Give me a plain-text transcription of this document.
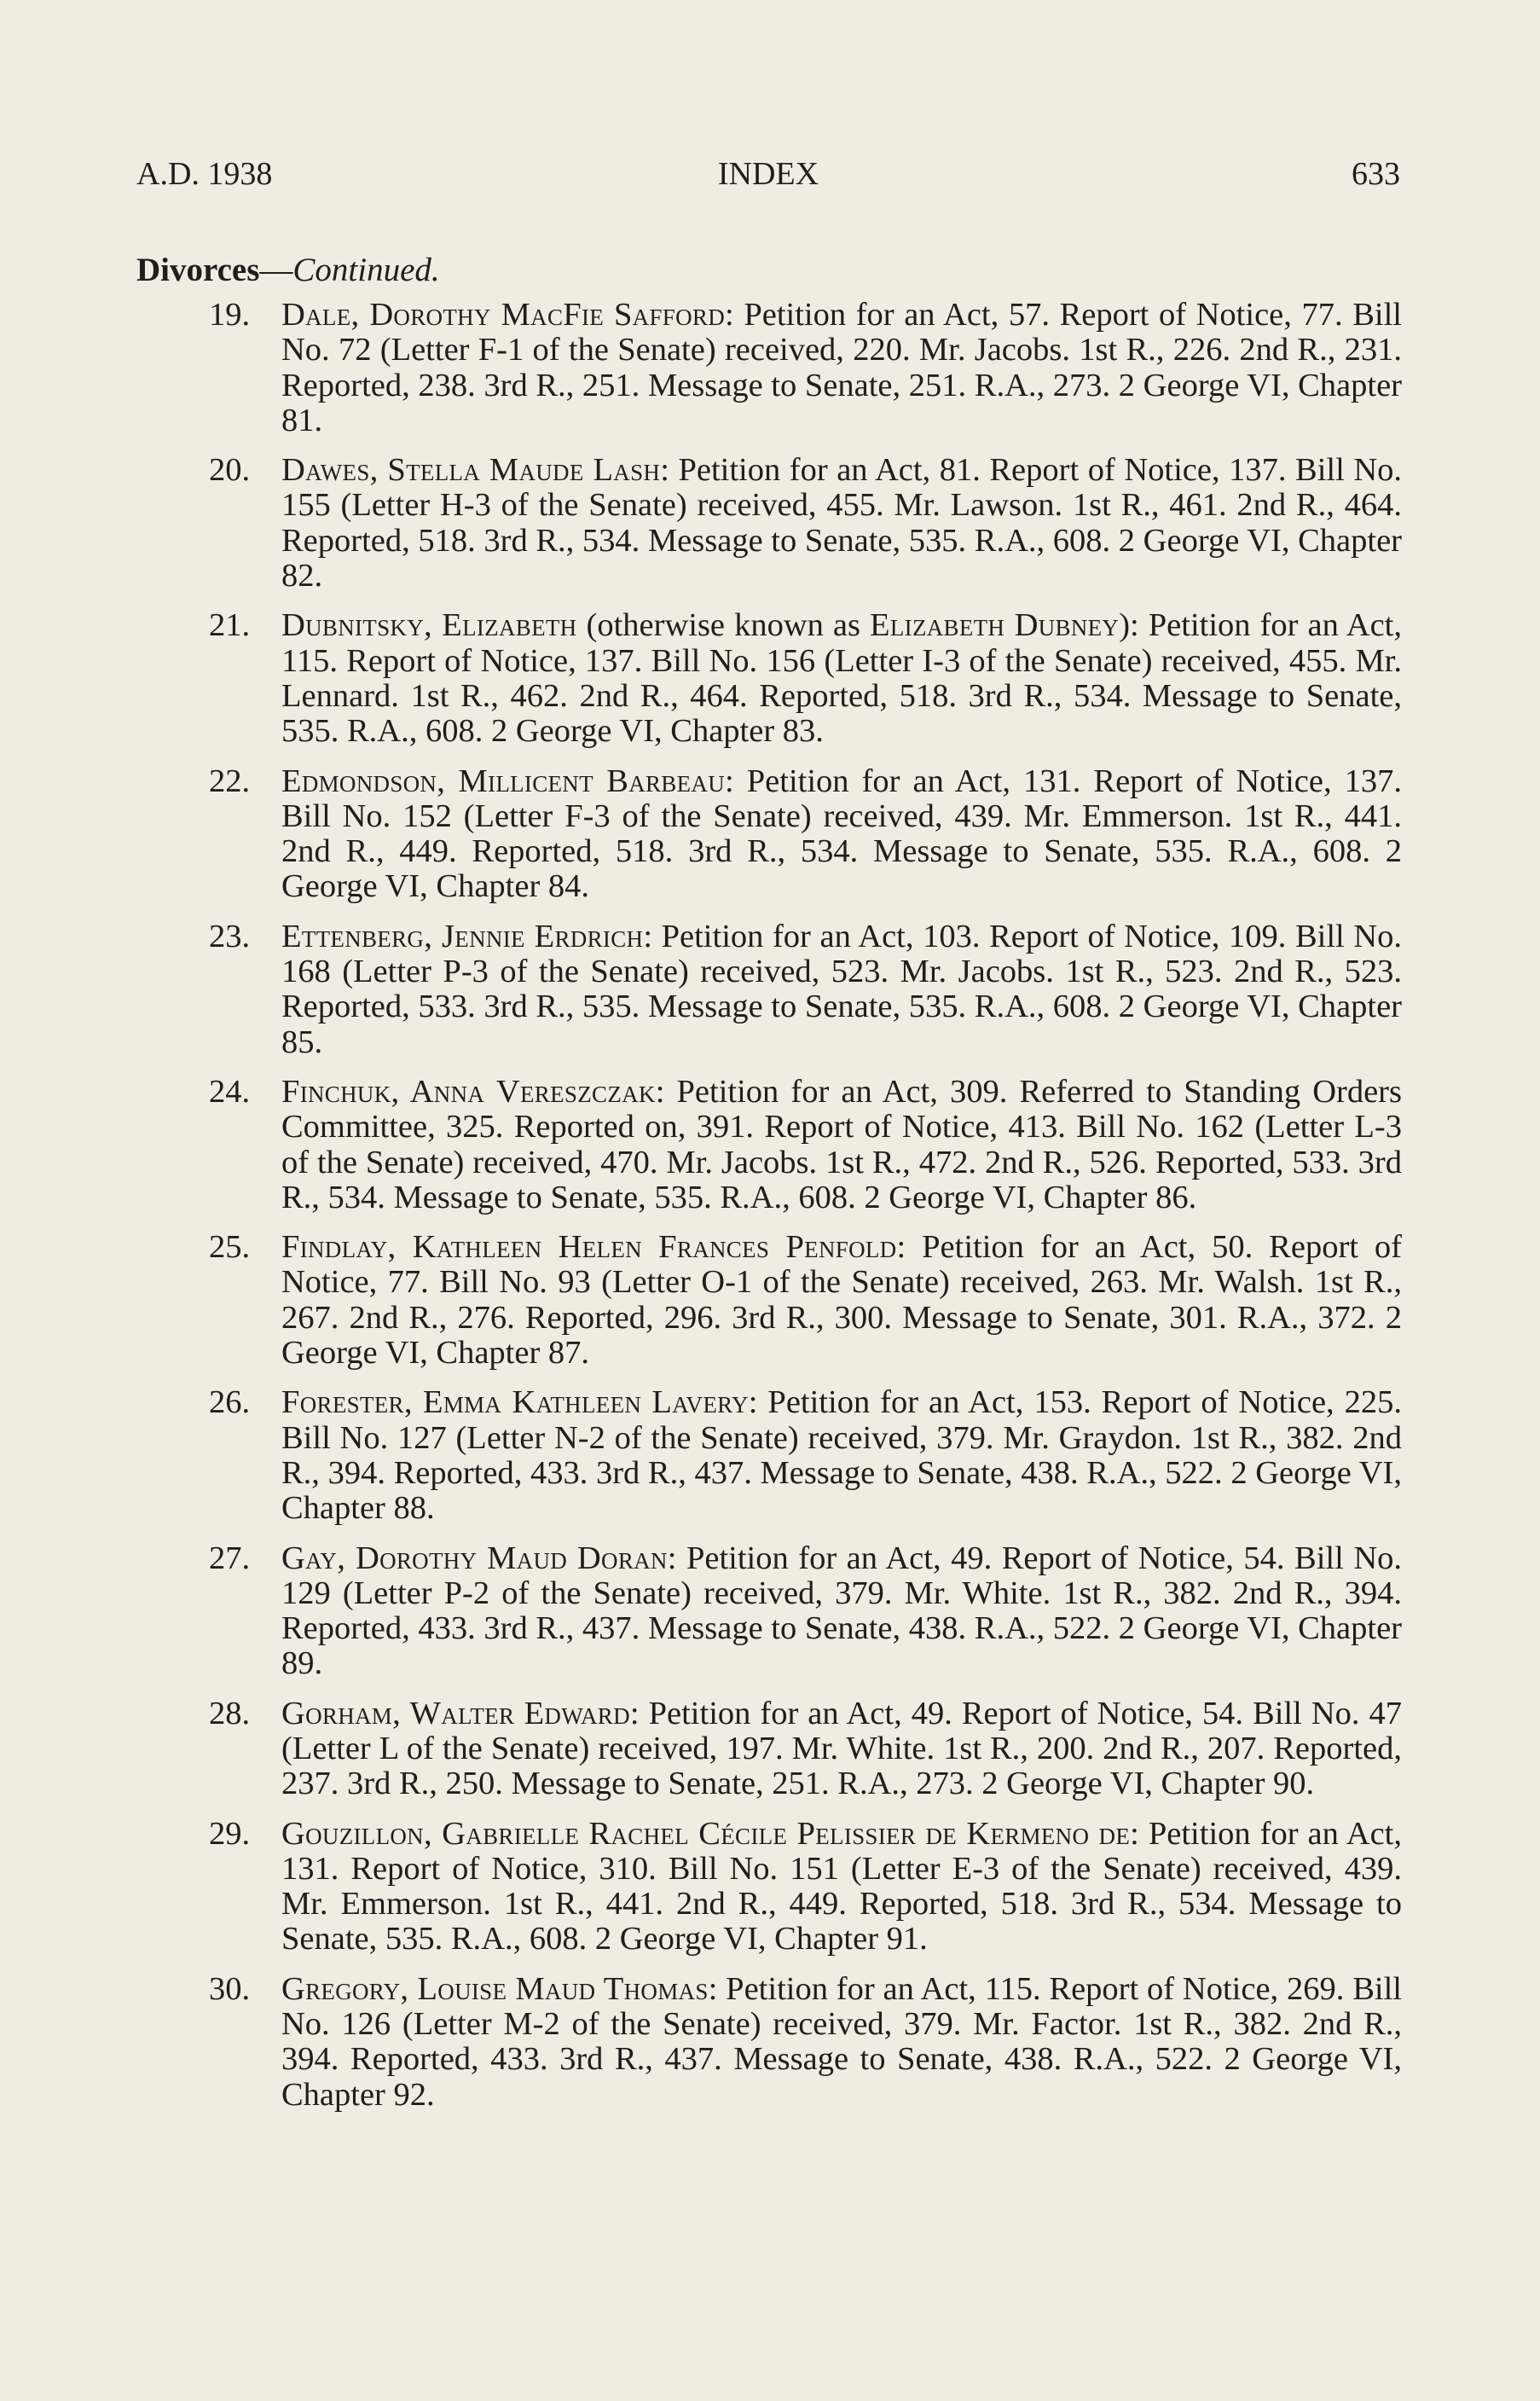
A.D. 1938	INDEX	633
Divorces—Continued.
19. Dale, Dorothy MacFie Safford: Petition for an Act, 57. Report of Notice, 77. Bill No. 72 (Letter F-1 of the Senate) received, 220. Mr. Jacobs. 1st R., 226. 2nd R., 231. Reported, 238. 3rd R., 251. Message to Senate, 251. R.A., 273. 2 George VI, Chapter 81.
20. Dawes, Stella Maude Lash: Petition for an Act, 81. Report of Notice, 137. Bill No. 155 (Letter H-3 of the Senate) received, 455. Mr. Lawson. 1st R., 461. 2nd R., 464. Reported, 518. 3rd R., 534. Message to Senate, 535. R.A., 608. 2 George VI, Chapter 82.
21. Dubnitsky, Elizabeth (otherwise known as Elizabeth Dubney): Petition for an Act, 115. Report of Notice, 137. Bill No. 156 (Letter I-3 of the Senate) received, 455. Mr. Lennard. 1st R., 462. 2nd R., 464. Reported, 518. 3rd R., 534. Message to Senate, 535. R.A., 608. 2 George VI, Chapter 83.
22. Edmondson, Millicent Barbeau: Petition for an Act, 131. Report of Notice, 137. Bill No. 152 (Letter F-3 of the Senate) received, 439. Mr. Emmerson. 1st R., 441. 2nd R., 449. Reported, 518. 3rd R., 534. Message to Senate, 535. R.A., 608. 2 George VI, Chapter 84.
23. Ettenberg, Jennie Erdrich: Petition for an Act, 103. Report of Notice, 109. Bill No. 168 (Letter P-3 of the Senate) received, 523. Mr. Jacobs. 1st R., 523. 2nd R., 523. Reported, 533. 3rd R., 535. Message to Senate, 535. R.A., 608. 2 George VI, Chapter 85.
24. Finchuk, Anna Vereszczak: Petition for an Act, 309. Referred to Standing Orders Committee, 325. Reported on, 391. Report of Notice, 413. Bill No. 162 (Letter L-3 of the Senate) received, 470. Mr. Jacobs. 1st R., 472. 2nd R., 526. Reported, 533. 3rd R., 534. Message to Senate, 535. R.A., 608. 2 George VI, Chapter 86.
25. Findlay, Kathleen Helen Frances Penfold: Petition for an Act, 50. Report of Notice, 77. Bill No. 93 (Letter O-1 of the Senate) received, 263. Mr. Walsh. 1st R., 267. 2nd R., 276. Reported, 296. 3rd R., 300. Message to Senate, 301. R.A., 372. 2 George VI, Chapter 87.
26. Forester, Emma Kathleen Lavery: Petition for an Act, 153. Report of Notice, 225. Bill No. 127 (Letter N-2 of the Senate) received, 379. Mr. Graydon. 1st R., 382. 2nd R., 394. Reported, 433. 3rd R., 437. Message to Senate, 438. R.A., 522. 2 George VI, Chapter 88.
27. Gay, Dorothy Maud Doran: Petition for an Act, 49. Report of Notice, 54. Bill No. 129 (Letter P-2 of the Senate) received, 379. Mr. White. 1st R., 382. 2nd R., 394. Reported, 433. 3rd R., 437. Message to Senate, 438. R.A., 522. 2 George VI, Chapter 89.
28. Gorham, Walter Edward: Petition for an Act, 49. Report of Notice, 54. Bill No. 47 (Letter L of the Senate) received, 197. Mr. White. 1st R., 200. 2nd R., 207. Reported, 237. 3rd R., 250. Message to Senate, 251. R.A., 273. 2 George VI, Chapter 90.
29. Gouzillon, Gabrielle Rachel Cécile Pelissier de Kermeno de: Petition for an Act, 131. Report of Notice, 310. Bill No. 151 (Letter E-3 of the Senate) received, 439. Mr. Emmerson. 1st R., 441. 2nd R., 449. Reported, 518. 3rd R., 534. Message to Senate, 535. R.A., 608. 2 George VI, Chapter 91.
30. Gregory, Louise Maud Thomas: Petition for an Act, 115. Report of Notice, 269. Bill No. 126 (Letter M-2 of the Senate) received, 379. Mr. Factor. 1st R., 382. 2nd R., 394. Reported, 433. 3rd R., 437. Message to Senate, 438. R.A., 522. 2 George VI, Chapter 92.
